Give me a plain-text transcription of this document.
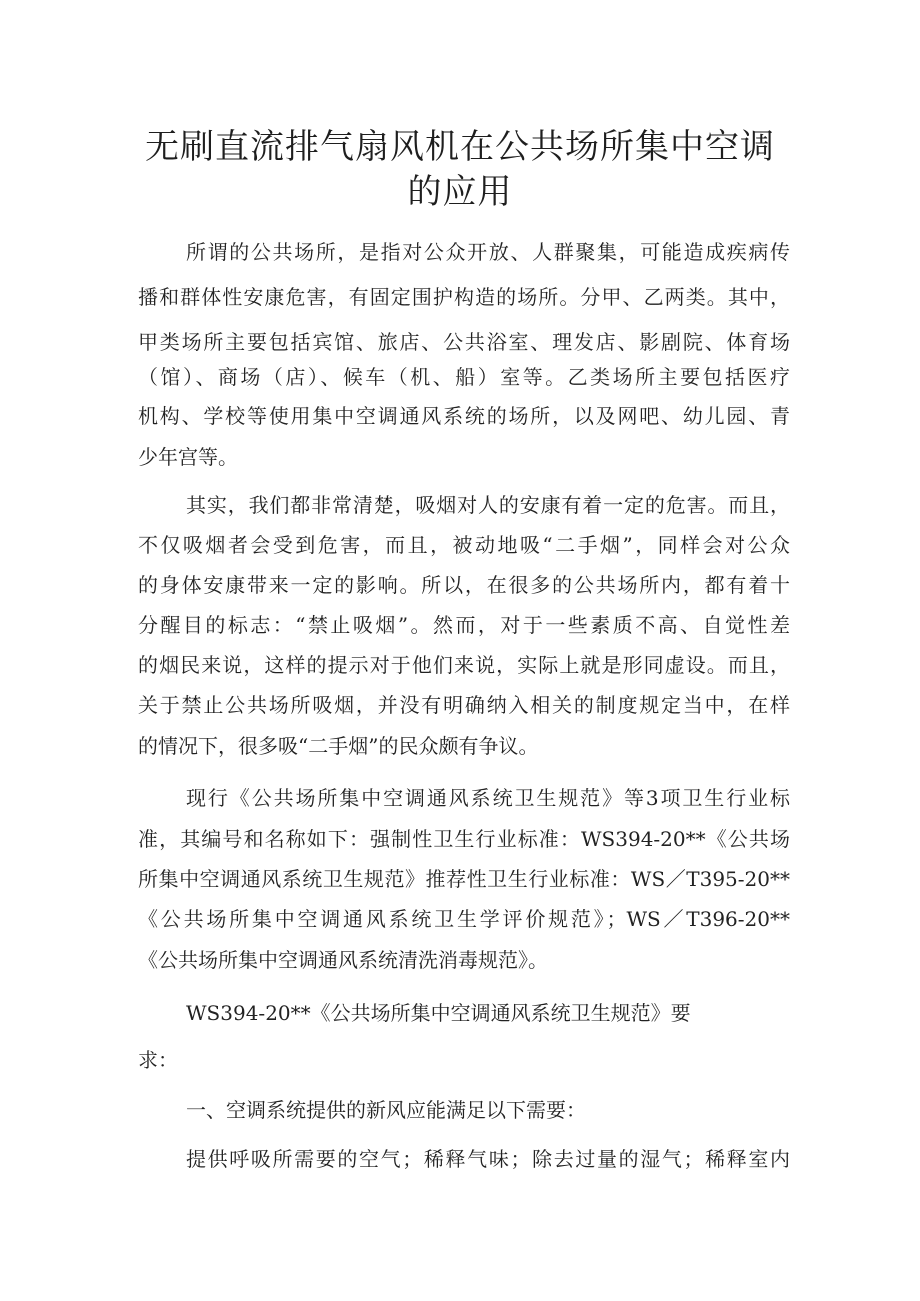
无刷直流排气扇风机在公共场所集中空调
的应用
所谓的公共场所，是指对公众开放、人群聚集，可能造成疾病传
播和群体性安康危害，有固定围护构造的场所。分甲、乙两类。其中，
甲类场所主要包括宾馆、旅店、公共浴室、理发店、影剧院、体育场
（馆）、商场（店）、候车（机、船）室等。乙类场所主要包括医疗
机构、学校等使用集中空调通风系统的场所，以及网吧、幼儿园、青
少年宫等。
其实，我们都非常清楚，吸烟对人的安康有着一定的危害。而且，
不仅吸烟者会受到危害，而且，被动地吸“二手烟”，同样会对公众
的身体安康带来一定的影响。所以，在很多的公共场所内，都有着十
分醒目的标志：“禁止吸烟”。然而，对于一些素质不高、自觉性差
的烟民来说，这样的提示对于他们来说，实际上就是形同虚设。而且，
关于禁止公共场所吸烟，并没有明确纳入相关的制度规定当中，在样
的情况下，很多吸“二手烟”的民众颇有争议。
现行《公共场所集中空调通风系统卫生规范》等3项卫生行业标
准，其编号和名称如下：强制性卫生行业标准：WS394-20**《公共场
所集中空调通风系统卫生规范》推荐性卫生行业标准：WS／T395-20**
《公共场所集中空调通风系统卫生学评价规范》；WS／T396-20**
《公共场所集中空调通风系统清洗消毒规范》。
WS394-20**《公共场所集中空调通风系统卫生规范》要
求：
一、空调系统提供的新风应能满足以下需要：
提供呼吸所需要的空气；稀释气味；除去过量的湿气；稀释室内
